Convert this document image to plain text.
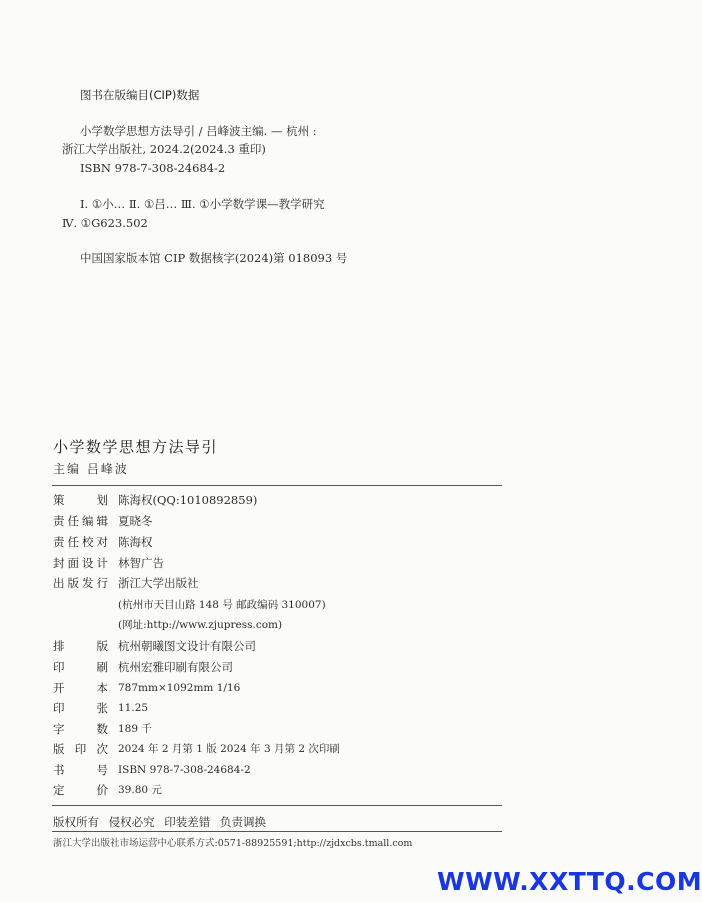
图书在版编目(CIP)数据
小学数学思想方法导引 / 吕峰波主编. — 杭州 :
浙江大学出版社, 2024.2(2024.3 重印)
ISBN 978-7-308-24684-2
Ⅰ. ①小… Ⅱ. ①吕… Ⅲ. ①小学数学课—教学研究
Ⅳ. ①G623.502
中国国家版本馆 CIP 数据核字(2024)第 018093 号
小学数学思想方法导引
主编 吕峰波
策划 陈海权(QQ:1010892859)
责任编辑 夏晓冬
责任校对 陈海权
封面设计 林智广告
出版发行 浙江大学出版社
(杭州市天目山路 148 号 邮政编码 310007)
(网址:http://www.zjupress.com)
排版 杭州朝曦图文设计有限公司
印刷 杭州宏雅印刷有限公司
开本 787mm×1092mm 1/16
印张 11.25
字数 189 千
版印次 2024 年 2 月第 1 版 2024 年 3 月第 2 次印刷
书号 ISBN 978-7-308-24684-2
定价 39.80 元
版权所有 侵权必究 印装差错 负责调换
浙江大学出版社市场运营中心联系方式:0571-88925591;http://zjdxcbs.tmall.com
WWW.XXTTQ.COM
